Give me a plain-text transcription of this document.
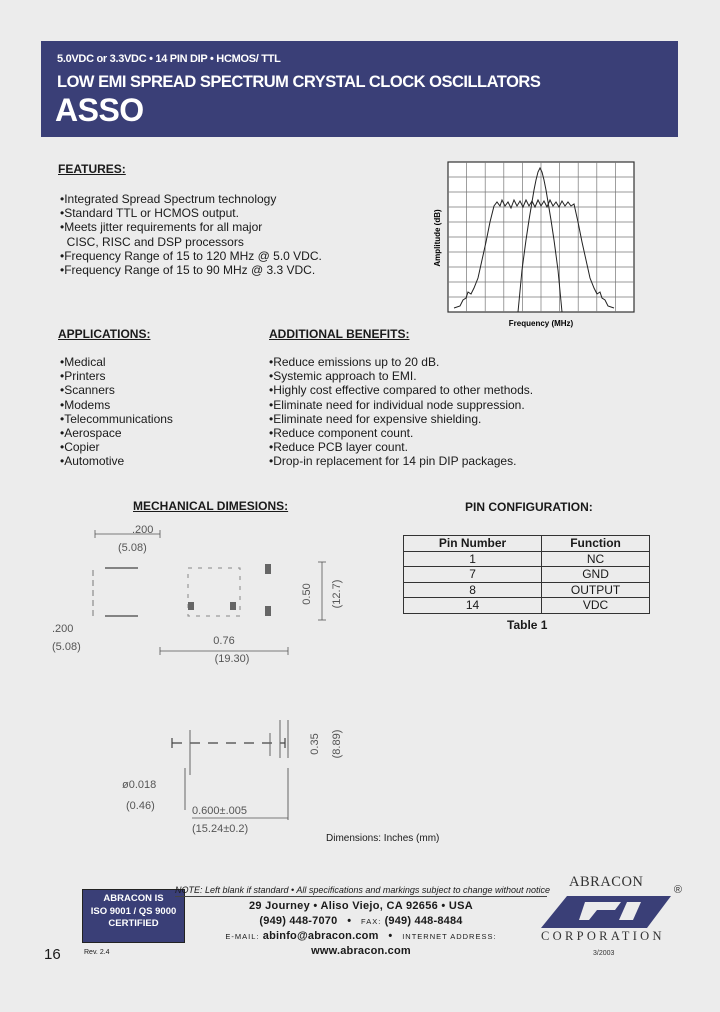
5.0VDC or 3.3VDC • 14 PIN DIP • HCMOS/ TTL
LOW EMI SPREAD SPECTRUM CRYSTAL CLOCK OSCILLATORS
ASSO
FEATURES:
• Integrated Spread Spectrum technology
• Standard TTL or HCMOS output.
• Meets jitter requirements for all major
CISC, RISC and DSP processors
• Frequency Range of 15 to 120 MHz @ 5.0 VDC.
• Frequency Range of 15 to 90 MHz @ 3.3 VDC.
Amplitude (dB)
Frequency (MHz)
APPLICATIONS:
• Medical
• Printers
• Scanners
• Modems
• Telecommunications
• Aerospace
• Copier
• Automotive
ADDITIONAL BENEFITS:
• Reduce emissions up to 20 dB.
• Systemic approach to EMI.
• Highly cost effective compared to other methods.
• Eliminate need for individual node suppression.
• Eliminate need for expensive shielding.
• Reduce component count.
• Reduce PCB layer count.
• Drop-in replacement for 14 pin DIP packages.
MECHANICAL DIMESIONS:
.200
(5.08)
0.50 (12.7)
.200
(5.08)	0.76
(19.30)
0.35 (8.89)
ø0.018
(0.46)	0.600±.005
(15.24±0.2)
Dimensions: Inches (mm)
PIN CONFIGURATION:
Pin Number	Function
1	NC
7	GND
8	OUTPUT
14	VDC
Table 1
ABRACON IS
ISO 9001 / QS 9000
CERTIFIED
16	Rev. 2.4
NOTE: Left blank if standard • All specifications and markings subject to change without notice
29 Journey • Aliso Viejo, CA 92656 • USA
(949) 448-7070   •   FAX: (949) 448-8484
E-MAIL: abinfo@abracon.com   •   INTERNET ADDRESS: www.abracon.com
ABRACON	®
CORPORATION
3/2003
